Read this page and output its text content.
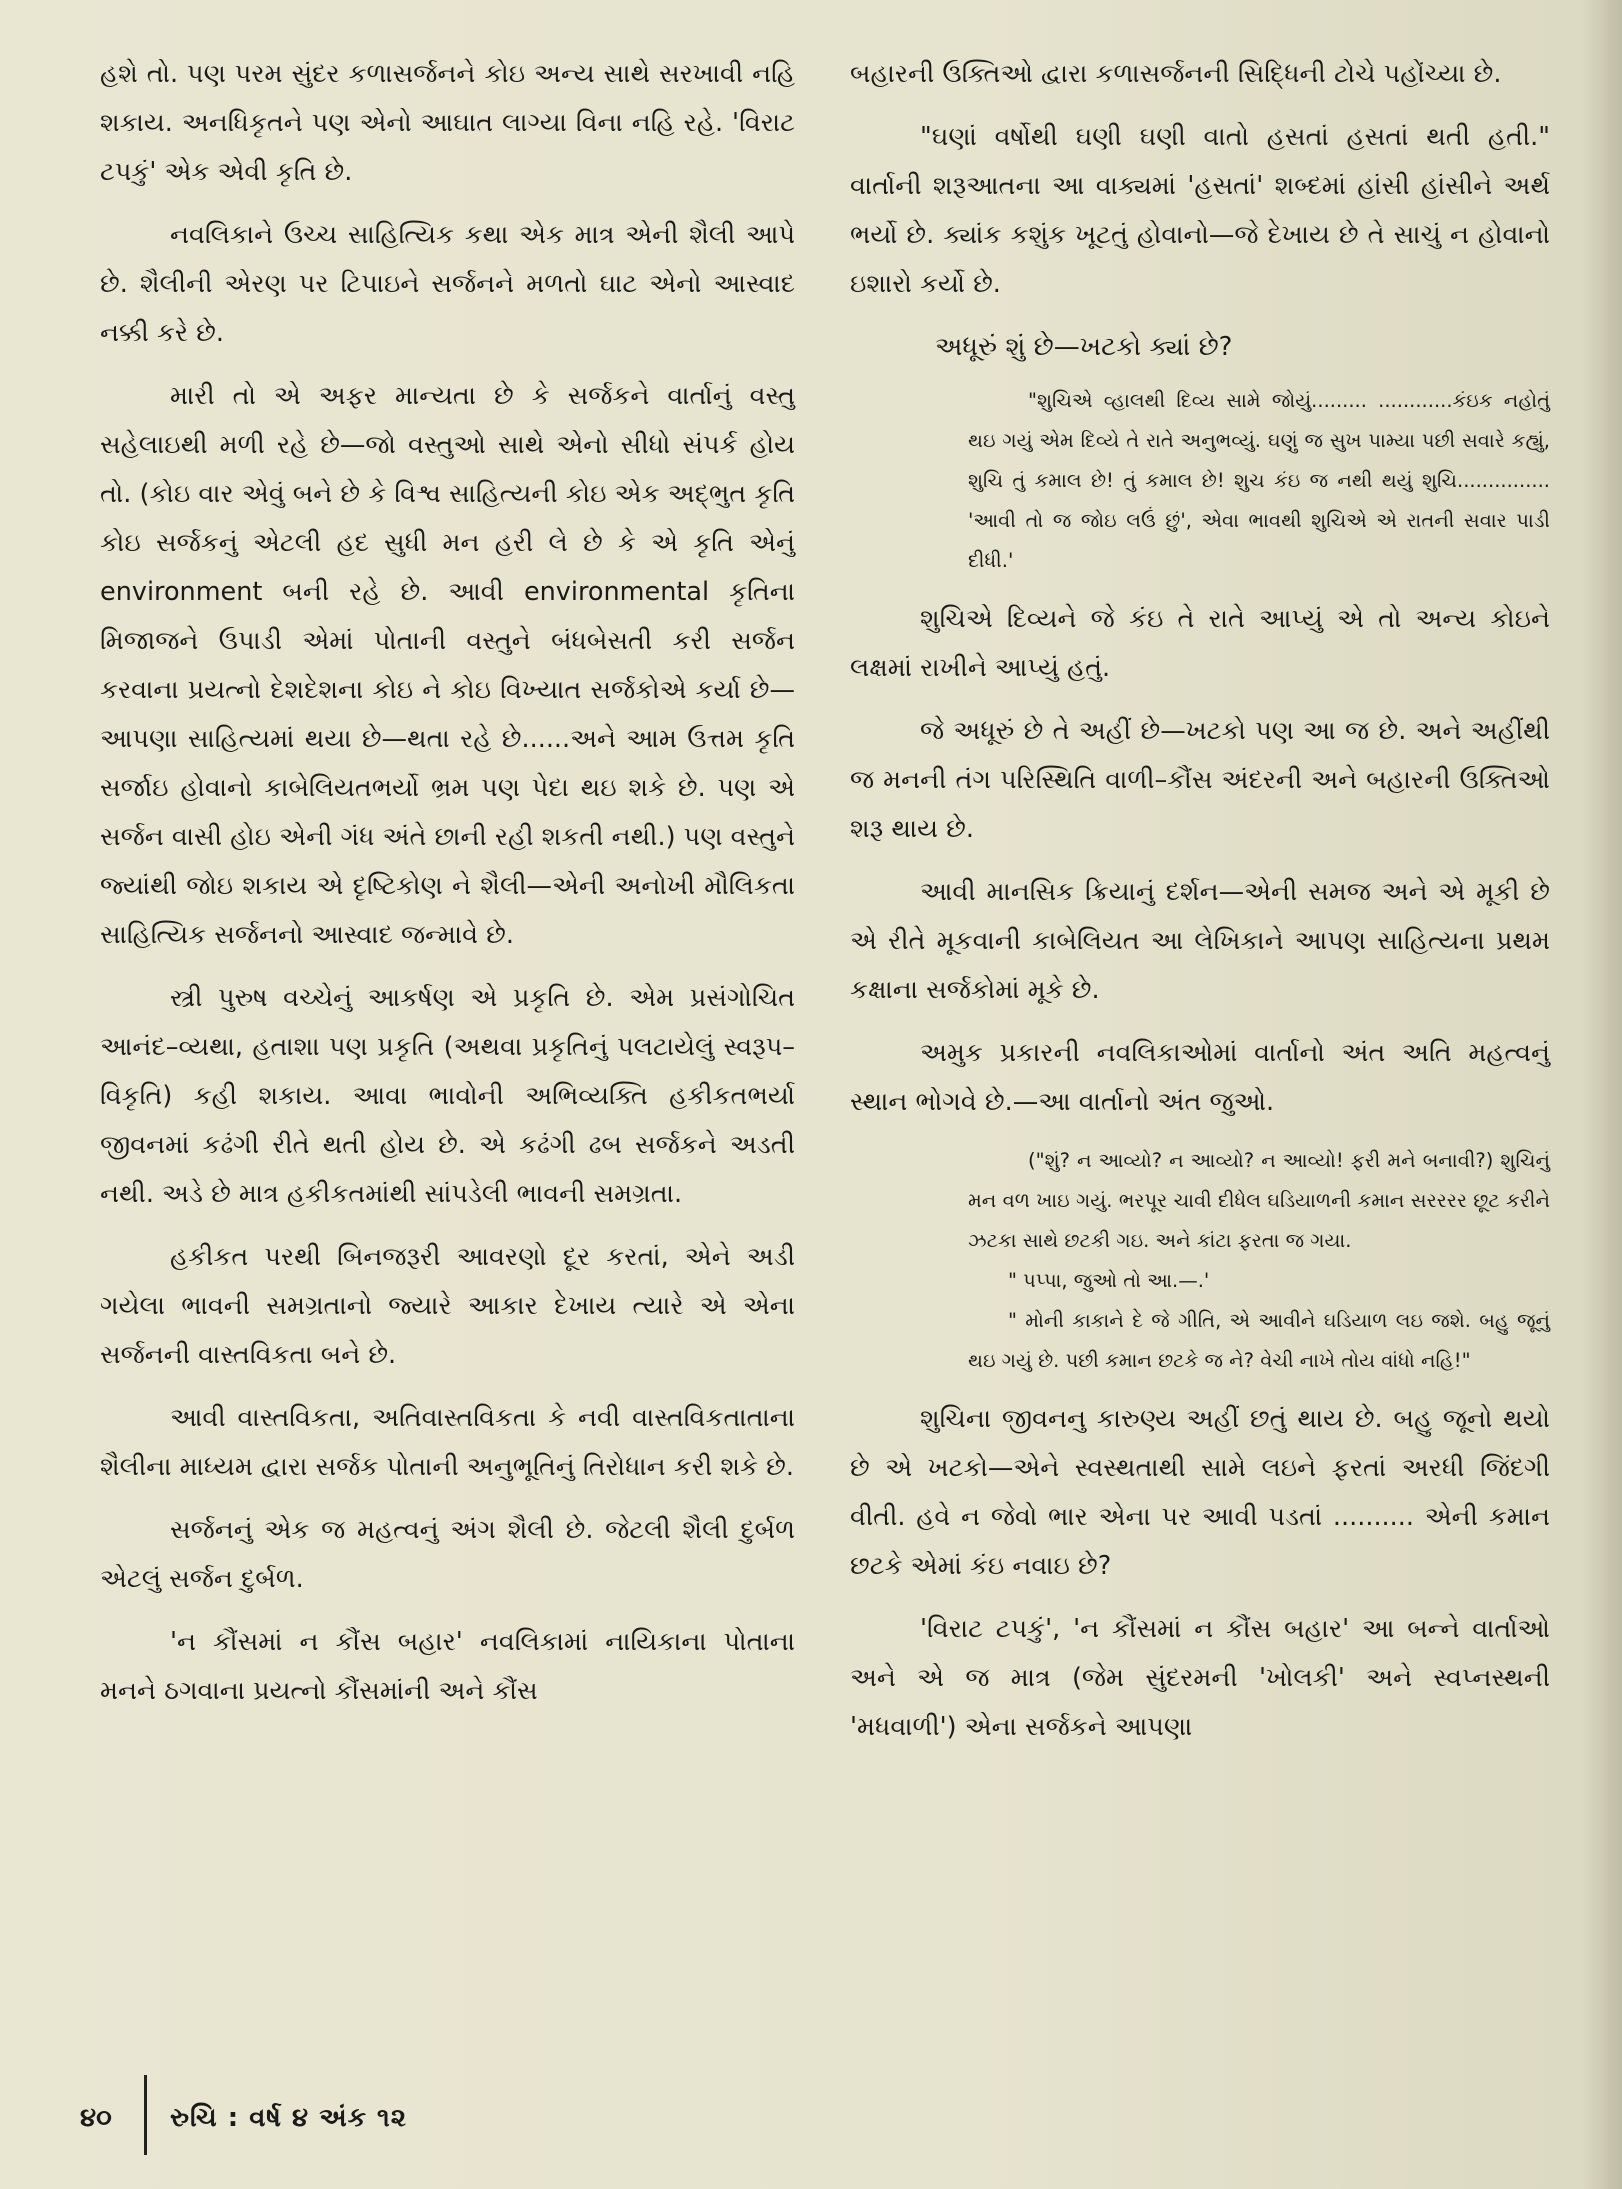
હશે તો. પણ પરમ સુંદર કળાસર્જનને કોઇ અન્ય સાથે સરખાવી નહિ શકાય. અનધિકૃતને પણ એનો આઘાત લાગ્યા વિના નહિ રહે. 'વિરાટ ટપકું' એક એવી કૃતિ છે.

નવલિકાને ઉચ્ચ સાહિત્યિક કથા એક માત્ર એની શૈલી આપે છે. શૈલીની એરણ પર ટિપાઇને સર્જનને મળતો ઘાટ એનો આસ્વાદ નક્કી કરે છે.

મારી તો એ અફર માન્યતા છે કે સર્જકને વાર્તાનું વસ્તુ સહેલાઇથી મળી રહે છે—જો વસ્તુઓ સાથે એનો સીધો સંપર્ક હોય તો. (કોઇ વાર એવું બને છે કે વિશ્વ સાહિત્યની કોઇ એક અદ્ભુત કૃતિ કોઇ સર્જકનું એટલી હદ સુધી મન હરી લે છે કે એ કૃતિ એનું environment બની રહે છે. આવી environmental કૃતિના મિજાજને ઉપાડી એમાં પોતાની વસ્તુને બંધબેસતી કરી સર્જન કરવાના પ્રયત્નો દેશદેશના કોઇ ને કોઇ વિખ્યાત સર્જકોએ કર્યા છે—આપણા સાહિત્યમાં થયા છે—થતા રહે છે......અને આમ ઉત્તમ કૃતિ સર્જાઇ હોવાનો કાબેલિયતભર્યો ભ્રમ પણ પેદા થઇ શકે છે. પણ એ સર્જન વાસી હોઇ એની ગંધ અંતે છાની રહી શકતી નથી.) પણ વસ્તુને જ્યાંથી જોઇ શકાય એ દૃષ્ટિકોણ ને શૈલી—એની અનોખી મૌલિકતા સાહિત્યિક સર્જનનો આસ્વાદ જન્માવે છે.

સ્ત્રી પુરુષ વચ્ચેનું આકર્ષણ એ પ્રકૃતિ છે. એમ પ્રસંગોચિત આનંદ–વ્યથા, હતાશા પણ પ્રકૃતિ (અથવા પ્રકૃતિનું પલટાયેલું સ્વરૂપ–વિકૃતિ) કહી શકાય. આવા ભાવોની અભિવ્યક્તિ હકીકતભર્યા જીવનમાં કઢંગી રીતે થતી હોય છે. એ કઢંગી ઢબ સર્જકને અડતી નથી. અડે છે માત્ર હકીકતમાંથી સાંપડેલી ભાવની સમગ્રતા.

હકીકત પરથી બિનજરૂરી આવરણો દૂર કરતાં, એને અડી ગયેલા ભાવની સમગ્રતાનો જ્યારે આકાર દેખાય ત્યારે એ એના સર્જનની વાસ્તવિકતા બને છે.

આવી વાસ્તવિકતા, અતિવાસ્તવિકતા કે નવી વાસ્તવિકતાતાના શૈલીના માધ્યમ દ્વારા સર્જક પોતાની અનુભૂતિનું તિરોધાન કરી શકે છે.

સર્જનનું એક જ મહત્વનું અંગ શૈલી છે. જેટલી શૈલી દુર્બળ એટલું સર્જન દુર્બળ.

'ન કૌંસમાં ન કૌંસ બહાર' નવલિકામાં નાયિકાના પોતાના મનને ઠગવાના પ્રયત્નો કૌંસમાંની અને કૌંસ

બહારની ઉક્તિઓ દ્વારા કળાસર્જનની સિદ્ધિની ટોચે પહોંચ્યા છે.

"ઘણાં વર્ષોથી ઘણી ઘણી વાતો હસતાં હસતાં થતી હતી." વાર્તાની શરૂઆતના આ વાક્યમાં 'હસતાં' શબ્દમાં હાંસી હાંસીને અર્થ ભર્યો છે. ક્યાંક કશુંક ખૂટતું હોવાનો—જે દેખાય છે તે સાચું ન હોવાનો ઇશારો કર્યો છે.

અધૂરું શું છે—ખટકો ક્યાં છે?

"શુચિએ વ્હાલથી દિવ્ય સામે જોયું......... ............કંઇક નહોતું થઇ ગયું એમ દિવ્યે તે રાતે અનુભવ્યું. ઘણું જ સુખ પામ્યા પછી સવારે કહ્યું, શુચિ તું કમાલ છે! તું કમાલ છે! શુચ કંઇ જ નથી થયું શુચિ............... 'આવી તો જ જોઇ લઉં છું', એવા ભાવથી શુચિએ એ રાતની સવાર પાડી દીધી.'

શુચિએ દિવ્યને જે કંઇ તે રાતે આપ્યું એ તો અન્ય કોઇને લક્ષમાં રાખીને આપ્યું હતું.

જે અધૂરું છે તે અહીં છે—ખટકો પણ આ જ છે. અને અહીંથી જ મનની તંગ પરિસ્થિતિ વાળી–કૌંસ અંદરની અને બહારની ઉક્તિઓ શરૂ થાય છે.

આવી માનસિક ક્રિયાનું દર્શન—એની સમજ અને એ મૂકી છે એ રીતે મૂકવાની કાબેલિયત આ લેખિકાને આપણ સાહિત્યના પ્રથમ કક્ષાના સર્જકોમાં મૂકે છે.

અમુક પ્રકારની નવલિકાઓમાં વાર્તાનો અંત અતિ મહત્વનું સ્થાન ભોગવે છે.—આ વાર્તાનો અંત જુઓ.

("શું? ન આવ્યો? ન આવ્યો? ન આવ્યો! ફરી મને બનાવી?) શુચિનું મન વળ ખાઇ ગયું. ભરપૂર ચાવી દીધેલ ઘડિયાળની કમાન સરરરર છૂટ કરીને ઝટકા સાથે છટકી ગઇ. અને કાંટા ફરતા જ ગયા.

" પપ્પા, જુઓ તો આ.—.'

" મોની કાકાને દે જે ગીતિ, એ આવીને ઘડિયાળ લઇ જશે. બહુ જૂનું થઇ ગયું છે. પછી કમાન છટકે જ ને? વેચી નાખે તોય વાંધો નહિ!"

શુચિના જીવનનુ કારુણ્ય અહીં છતું થાય છે. બહુ જૂનો થયો છે એ ખટકો—એને સ્વસ્થતાથી સામે લઇને ફરતાં અરધી જિંદગી વીતી. હવે ન જેવો ભાર એના પર આવી પડતાં .......... એની કમાન છટકે એમાં કંઇ નવાઇ છે?

'વિરાટ ટપકું', 'ન કૌંસમાં ન કૌંસ બહાર' આ બન્ને વાર્તાઓ અને એ જ માત્ર (જેમ સુંદરમની 'ખોલકી' અને સ્વપ્નસ્થની 'મધવાળી') એના સર્જકને આપણા

૪૦ રુચિ : વર્ષ ૪ અંક ૧૨
